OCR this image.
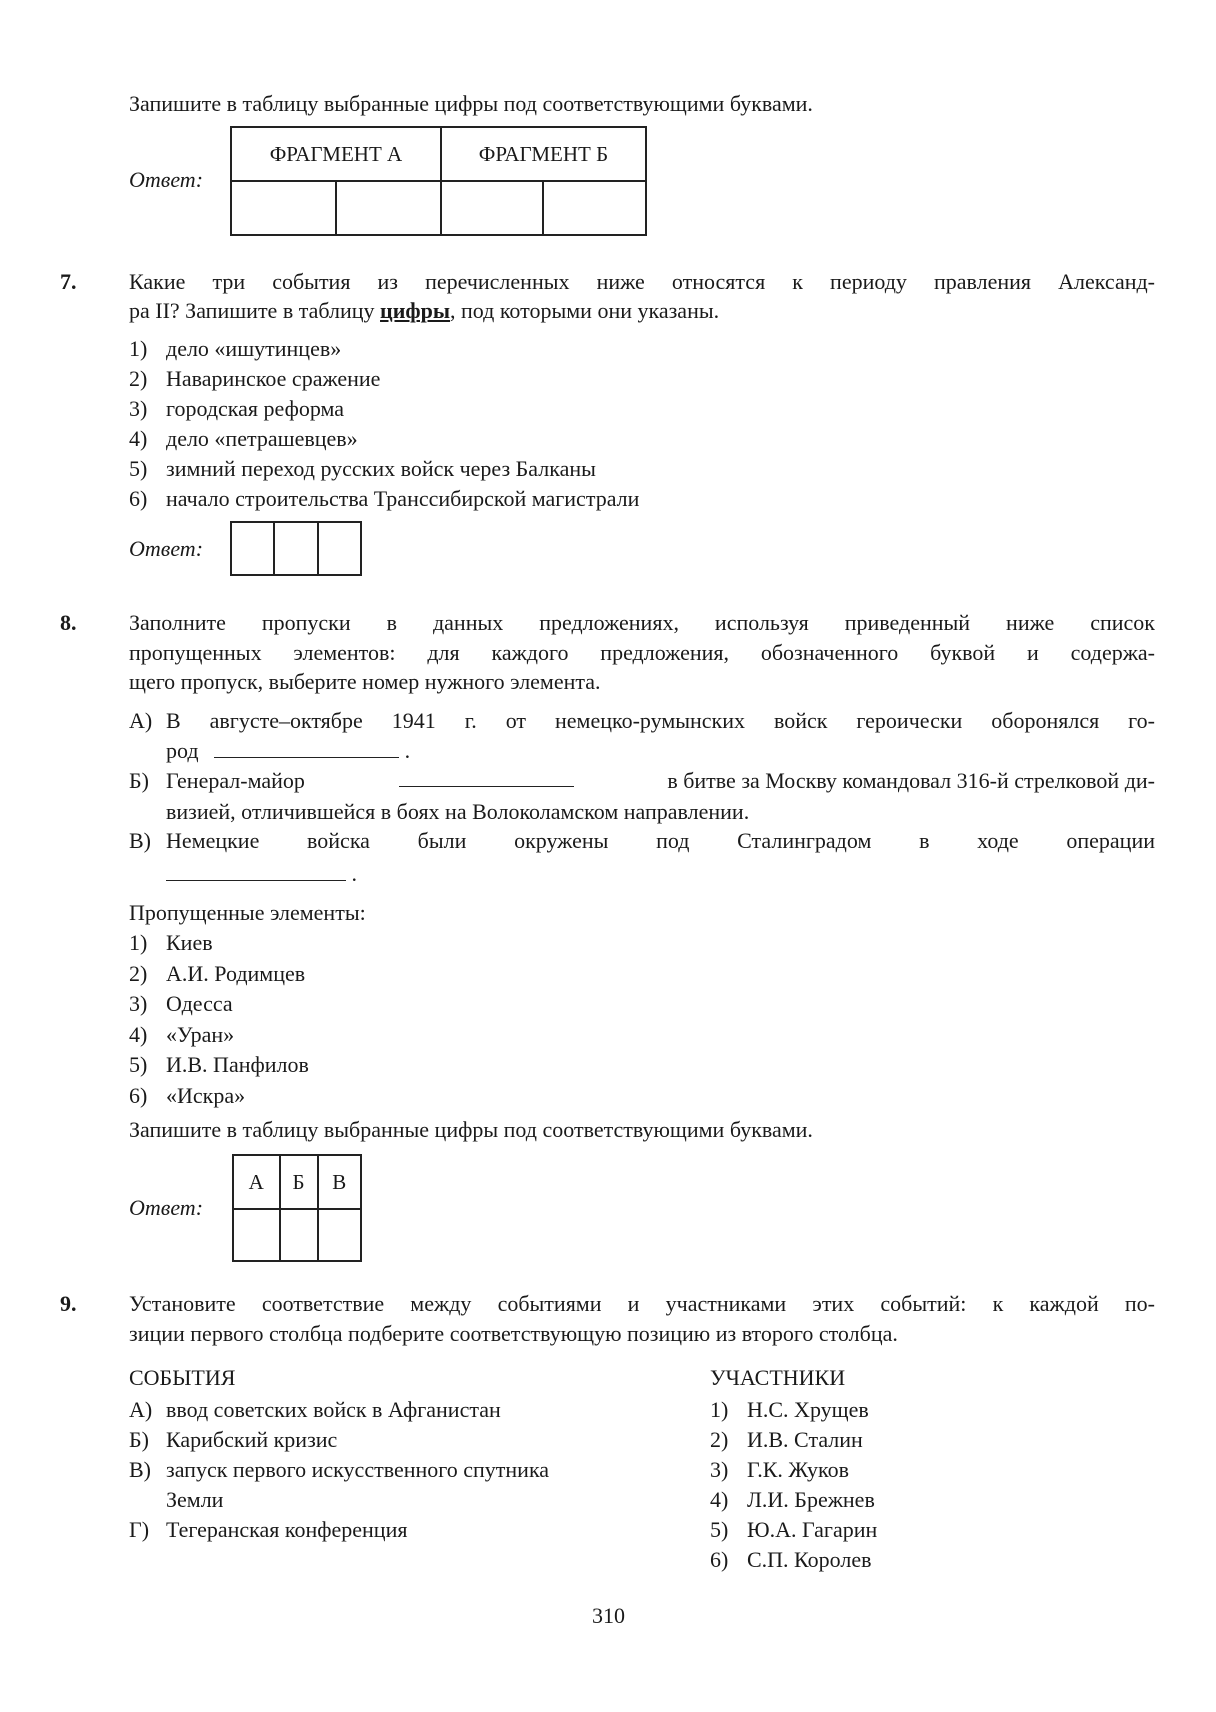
Запишите в таблицу выбранные цифры под соответствующими буквами.
Ответ:
ФРАГМЕНТ А		ФРАГМЕНТ Б	

7. Какие три события из перечисленных ниже относятся к периоду правления Александ-
ра II? Запишите в таблицу цифры, под которыми они указаны.
1) дело «ишутинцев»
2) Наваринское сражение
3) городская реформа
4) дело «петрашевцев»
5) зимний переход русских войск через Балканы
6) начало строительства Транссибирской магистрали
Ответ:

8. Заполните пропуски в данных предложениях, используя приведенный ниже список
пропущенных элементов: для каждого предложения, обозначенного буквой и содержа-
щего пропуск, выберите номер нужного элемента.
А) В августе–октябре 1941 г. от немецко-румынских войск героически оборонялся го-
род	.
Б) Генерал-майор	в битве за Москву командовал 316-й стрелковой ди-
визией, отличившейся в боях на Волоколамском направлении.
В) Немецкие войска были окружены под Сталинградом в ходе операции
.
Пропущенные элементы:
1) Киев
2) А.И. Родимцев
3) Одесса
4) «Уран»
5) И.В. Панфилов
6) «Искра»
Запишите в таблицу выбранные цифры под соответствующими буквами.
Ответ:
А	Б	В

9. Установите соответствие между событиями и участниками этих событий: к каждой по-
зиции первого столбца подберите соответствующую позицию из второго столбца.
СОБЫТИЯ	УЧАСТНИКИ
А) ввод советских войск в Афганистан
Б) Карибский кризис
В) запуск первого искусственного спутника
Земли
Г) Тегеранская конференция
1) Н.С. Хрущев
2) И.В. Сталин
3) Г.К. Жуков
4) Л.И. Брежнев
5) Ю.А. Гагарин
6) С.П. Королев
310
